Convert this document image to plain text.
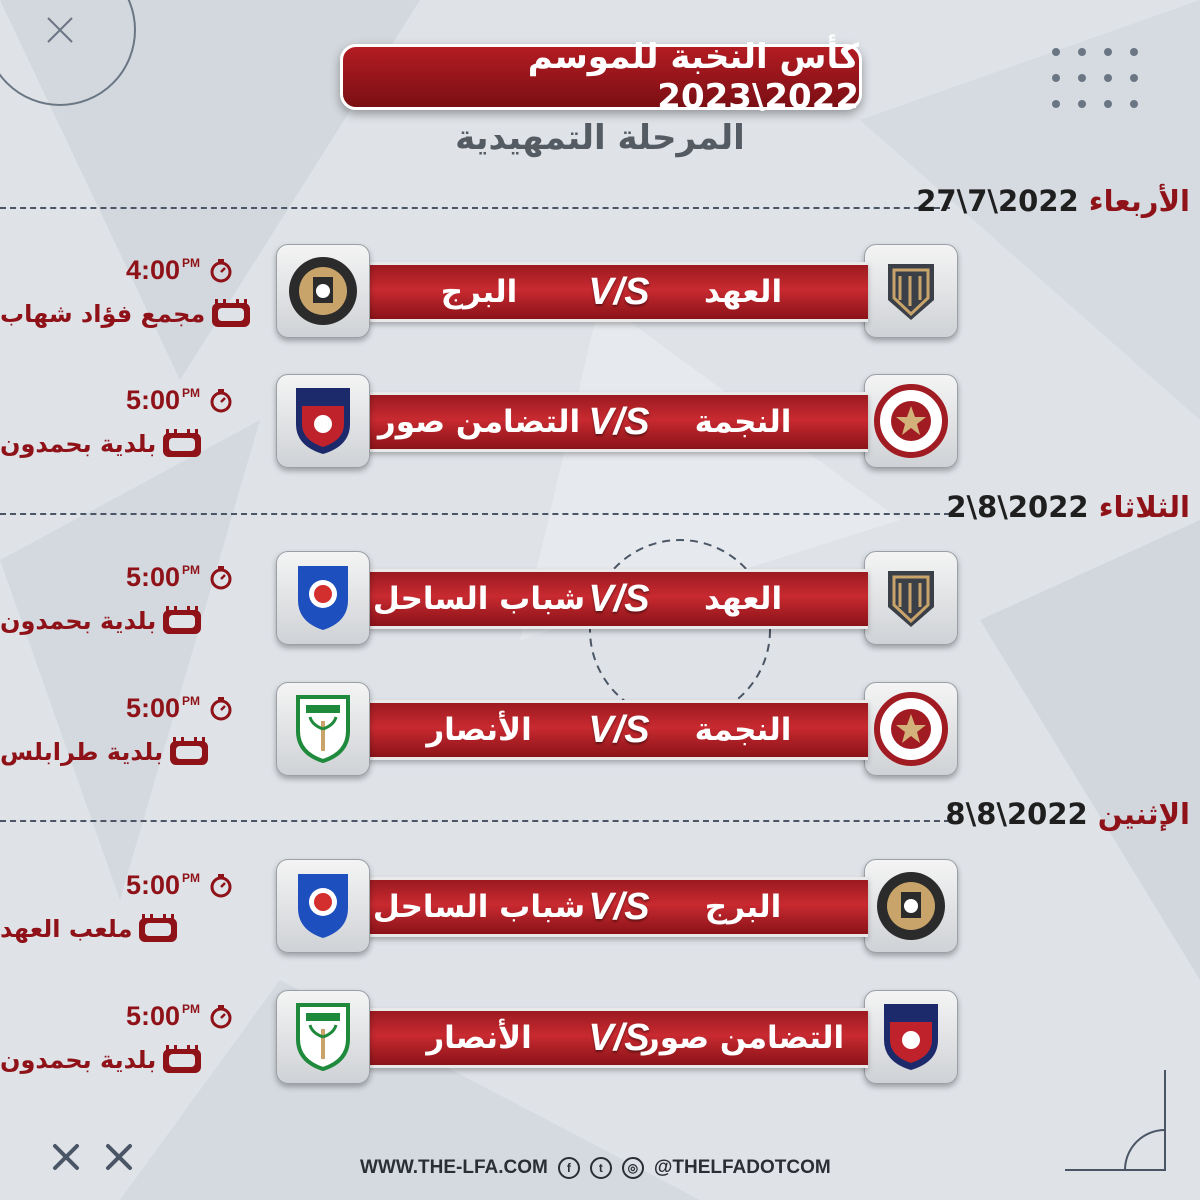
كأس النخبة للموسم 2022\2023
المرحلة التمهيدية
الأربعاء 2022\7\27
العهد
V/S
البرج
4:00 $^{PM}$
مجمع فؤاد شهاب
النجمة
V/S
التضامن صور
5:00 $^{PM}$
بلدية بحمدون
الثلاثاء 2022\8\2
العهد
V/S
شباب الساحل
5:00 $^{PM}$
بلدية بحمدون
النجمة
V/S
الأنصار
5:00 $^{PM}$
بلدية طرابلس
الإثنين 2022\8\8
البرج
V/S
شباب الساحل
5:00 $^{PM}$
ملعب العهد
التضامن صور
V/S
الأنصار
5:00 $^{PM}$
بلدية بحمدون
WWW.THE-LFA.COM	f	t	◎ @THELFADOTCOM
